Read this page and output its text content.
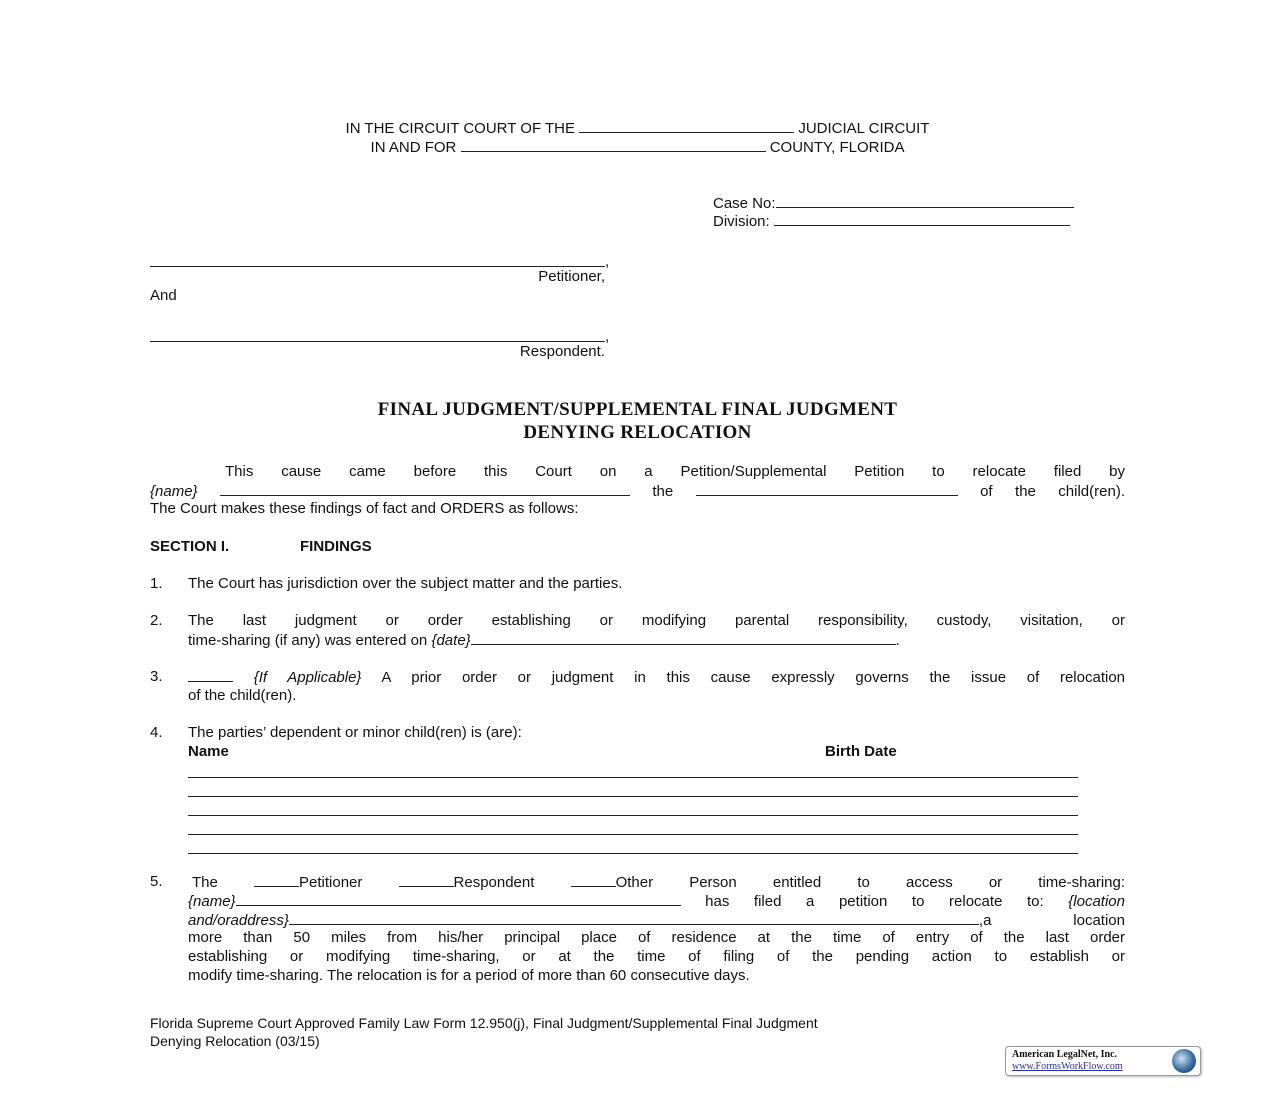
IN THE CIRCUIT COURT OF THE	JUDICIAL CIRCUIT
IN AND FOR	COUNTY, FLORIDA
Case No:
Division:
,
Petitioner,
And
,
Respondent.
FINAL JUDGMENT/SUPPLEMENTAL FINAL JUDGMENT
DENYING RELOCATION
This cause came before this Court on a Petition/Supplemental Petition to relocate filed by
{name}	the	of the child(ren).
The Court makes these findings of fact and ORDERS as follows:
SECTION I.	FINDINGS
1. The Court has jurisdiction over the subject matter and the parties.
2. The last judgment or order establishing or modifying parental responsibility, custody, visitation, or
time-sharing (if any) was entered on {date}	.
3.	{If Applicable} A prior order or judgment in this cause expressly governs the issue of relocation
of the child(ren).
4. The parties’ dependent or minor child(ren) is (are):
Name	Birth Date
5. The	Petitioner	Respondent	Other Person entitled to access or time-sharing:
{name}	has filed a petition to relocate to: {location
and/oraddress}	,a location
more than 50 miles from his/her principal place of residence at the time of entry of the last order
establishing or modifying time-sharing, or at the time of filing of the pending action to establish or
modify time-sharing. The relocation is for a period of more than 60 consecutive days.
Florida Supreme Court Approved Family Law Form 12.950(j), Final Judgment/Supplemental Final Judgment
Denying Relocation (03/15)
American LegalNet, Inc.
www.FormsWorkFlow.com
